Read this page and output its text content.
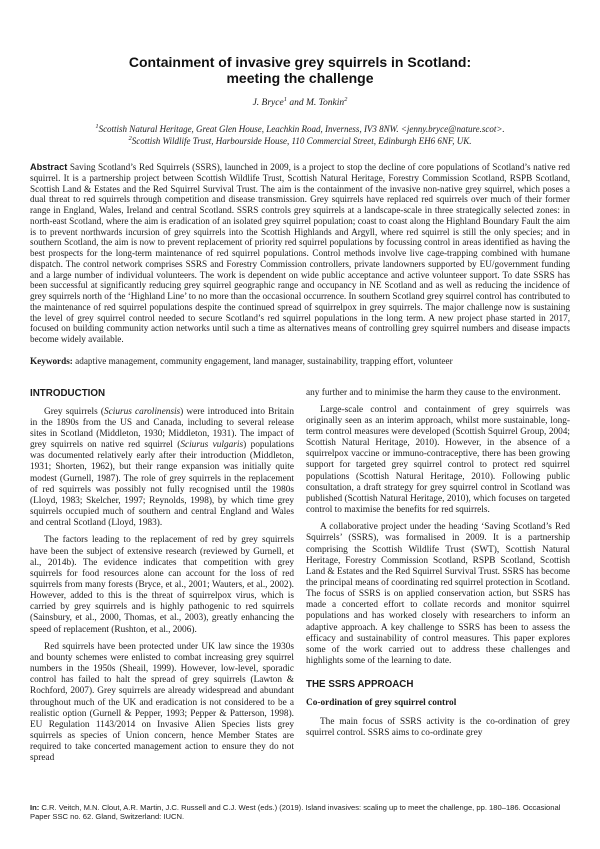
Containment of invasive grey squirrels in Scotland:
meeting the challenge
J. Bryce$^1$ and M. Tonkin$^2$
$^1$Scottish Natural Heritage, Great Glen House, Leachkin Road, Inverness, IV3 8NW. <jenny.bryce@nature.scot>.
$^2$Scottish Wildlife Trust, Harbourside House, 110 Commercial Street, Edinburgh EH6 6NF, UK.
Abstract Saving Scotland’s Red Squirrels (SSRS), launched in 2009, is a project to stop the decline of core populations of Scotland’s native red squirrel. It is a partnership project between Scottish Wildlife Trust, Scottish Natural Heritage, Forestry Commission Scotland, RSPB Scotland, Scottish Land & Estates and the Red Squirrel Survival Trust. The aim is the containment of the invasive non-native grey squirrel, which poses a dual threat to red squirrels through competition and disease transmission. Grey squirrels have replaced red squirrels over much of their former range in England, Wales, Ireland and central Scotland. SSRS controls grey squirrels at a landscape-scale in three strategically selected zones: in north-east Scotland, where the aim is eradication of an isolated grey squirrel population; coast to coast along the Highland Boundary Fault the aim is to prevent northwards incursion of grey squirrels into the Scottish Highlands and Argyll, where red squirrel is still the only species; and in southern Scotland, the aim is now to prevent replacement of priority red squirrel populations by focussing control in areas identified as having the best prospects for the long-term maintenance of red squirrel populations. Control methods involve live cage-trapping combined with humane dispatch. The control network comprises SSRS and Forestry Commission controllers, private landowners supported by EU/government funding and a large number of individual volunteers. The work is dependent on wide public acceptance and active volunteer support. To date SSRS has been successful at significantly reducing grey squirrel geographic range and occupancy in NE Scotland and as well as reducing the incidence of grey squirrels north of the ‘Highland Line’ to no more than the occasional occurrence. In southern Scotland grey squirrel control has contributed to the maintenance of red squirrel populations despite the continued spread of squirrelpox in grey squirrels. The major challenge now is sustaining the level of grey squirrel control needed to secure Scotland’s red squirrel populations in the long term. A new project phase started in 2017, focused on building community action networks until such a time as alternatives means of controlling grey squirrel numbers and disease impacts become widely available.
Keywords: adaptive management, community engagement, land manager, sustainability, trapping effort, volunteer
INTRODUCTION

Grey squirrels (Sciurus carolinensis) were introduced into Britain in the 1890s from the US and Canada, including to several release sites in Scotland (Middleton, 1930; Middleton, 1931). The impact of grey squirrels on native red squirrel (Sciurus vulgaris) populations was documented relatively early after their introduction (Middleton, 1931; Shorten, 1962), but their range expansion was initially quite modest (Gurnell, 1987). The role of grey squirrels in the replacement of red squirrels was possibly not fully recognised until the 1980s (Lloyd, 1983; Skelcher, 1997; Reynolds, 1998), by which time grey squirrels occupied much of southern and central England and Wales and central Scotland (Lloyd, 1983).

The factors leading to the replacement of red by grey squirrels have been the subject of extensive research (reviewed by Gurnell, et al., 2014b). The evidence indicates that competition with grey squirrels for food resources alone can account for the loss of red squirrels from many forests (Bryce, et al., 2001; Wauters, et al., 2002). However, added to this is the threat of squirrelpox virus, which is carried by grey squirrels and is highly pathogenic to red squirrels (Sainsbury, et al., 2000, Thomas, et al., 2003), greatly enhancing the speed of replacement (Rushton, et al., 2006).

Red squirrels have been protected under UK law since the 1930s and bounty schemes were enlisted to combat increasing grey squirrel numbers in the 1950s (Sheail, 1999). However, low-level, sporadic control has failed to halt the spread of grey squirrels (Lawton & Rochford, 2007). Grey squirrels are already widespread and abundant throughout much of the UK and eradication is not considered to be a realistic option (Gurnell & Pepper, 1993; Pepper & Patterson, 1998). EU Regulation 1143/2014 on Invasive Alien Species lists grey squirrels as species of Union concern, hence Member States are required to take concerted management action to ensure they do not spread

any further and to minimise the harm they cause to the environment.

Large-scale control and containment of grey squirrels was originally seen as an interim approach, whilst more sustainable, long-term control measures were developed (Scottish Squirrel Group, 2004; Scottish Natural Heritage, 2010). However, in the absence of a squirrelpox vaccine or immuno-contraceptive, there has been growing support for targeted grey squirrel control to protect red squirrel populations (Scottish Natural Heritage, 2010). Following public consultation, a draft strategy for grey squirrel control in Scotland was published (Scottish Natural Heritage, 2010), which focuses on targeted control to maximise the benefits for red squirrels.

A collaborative project under the heading ‘Saving Scotland’s Red Squirrels’ (SSRS), was formalised in 2009. It is a partnership comprising the Scottish Wildlife Trust (SWT), Scottish Natural Heritage, Forestry Commission Scotland, RSPB Scotland, Scottish Land & Estates and the Red Squirrel Survival Trust. SSRS has become the principal means of coordinating red squirrel protection in Scotland. The focus of SSRS is on applied conservation action, but SSRS has made a concerted effort to collate records and monitor squirrel populations and has worked closely with researchers to inform an adaptive approach. A key challenge to SSRS has been to assess the efficacy and sustainability of control measures. This paper explores some of the work carried out to address these challenges and highlights some of the learning to date.

THE SSRS APPROACH
Co-ordination of grey squirrel control

The main focus of SSRS activity is the co-ordination of grey squirrel control. SSRS aims to co-ordinate grey

In: C.R. Veitch, M.N. Clout, A.R. Martin, J.C. Russell and C.J. West (eds.) (2019). Island invasives: scaling up to meet the challenge, pp. 180–186. Occasional Paper SSC no. 62. Gland, Switzerland: IUCN.
